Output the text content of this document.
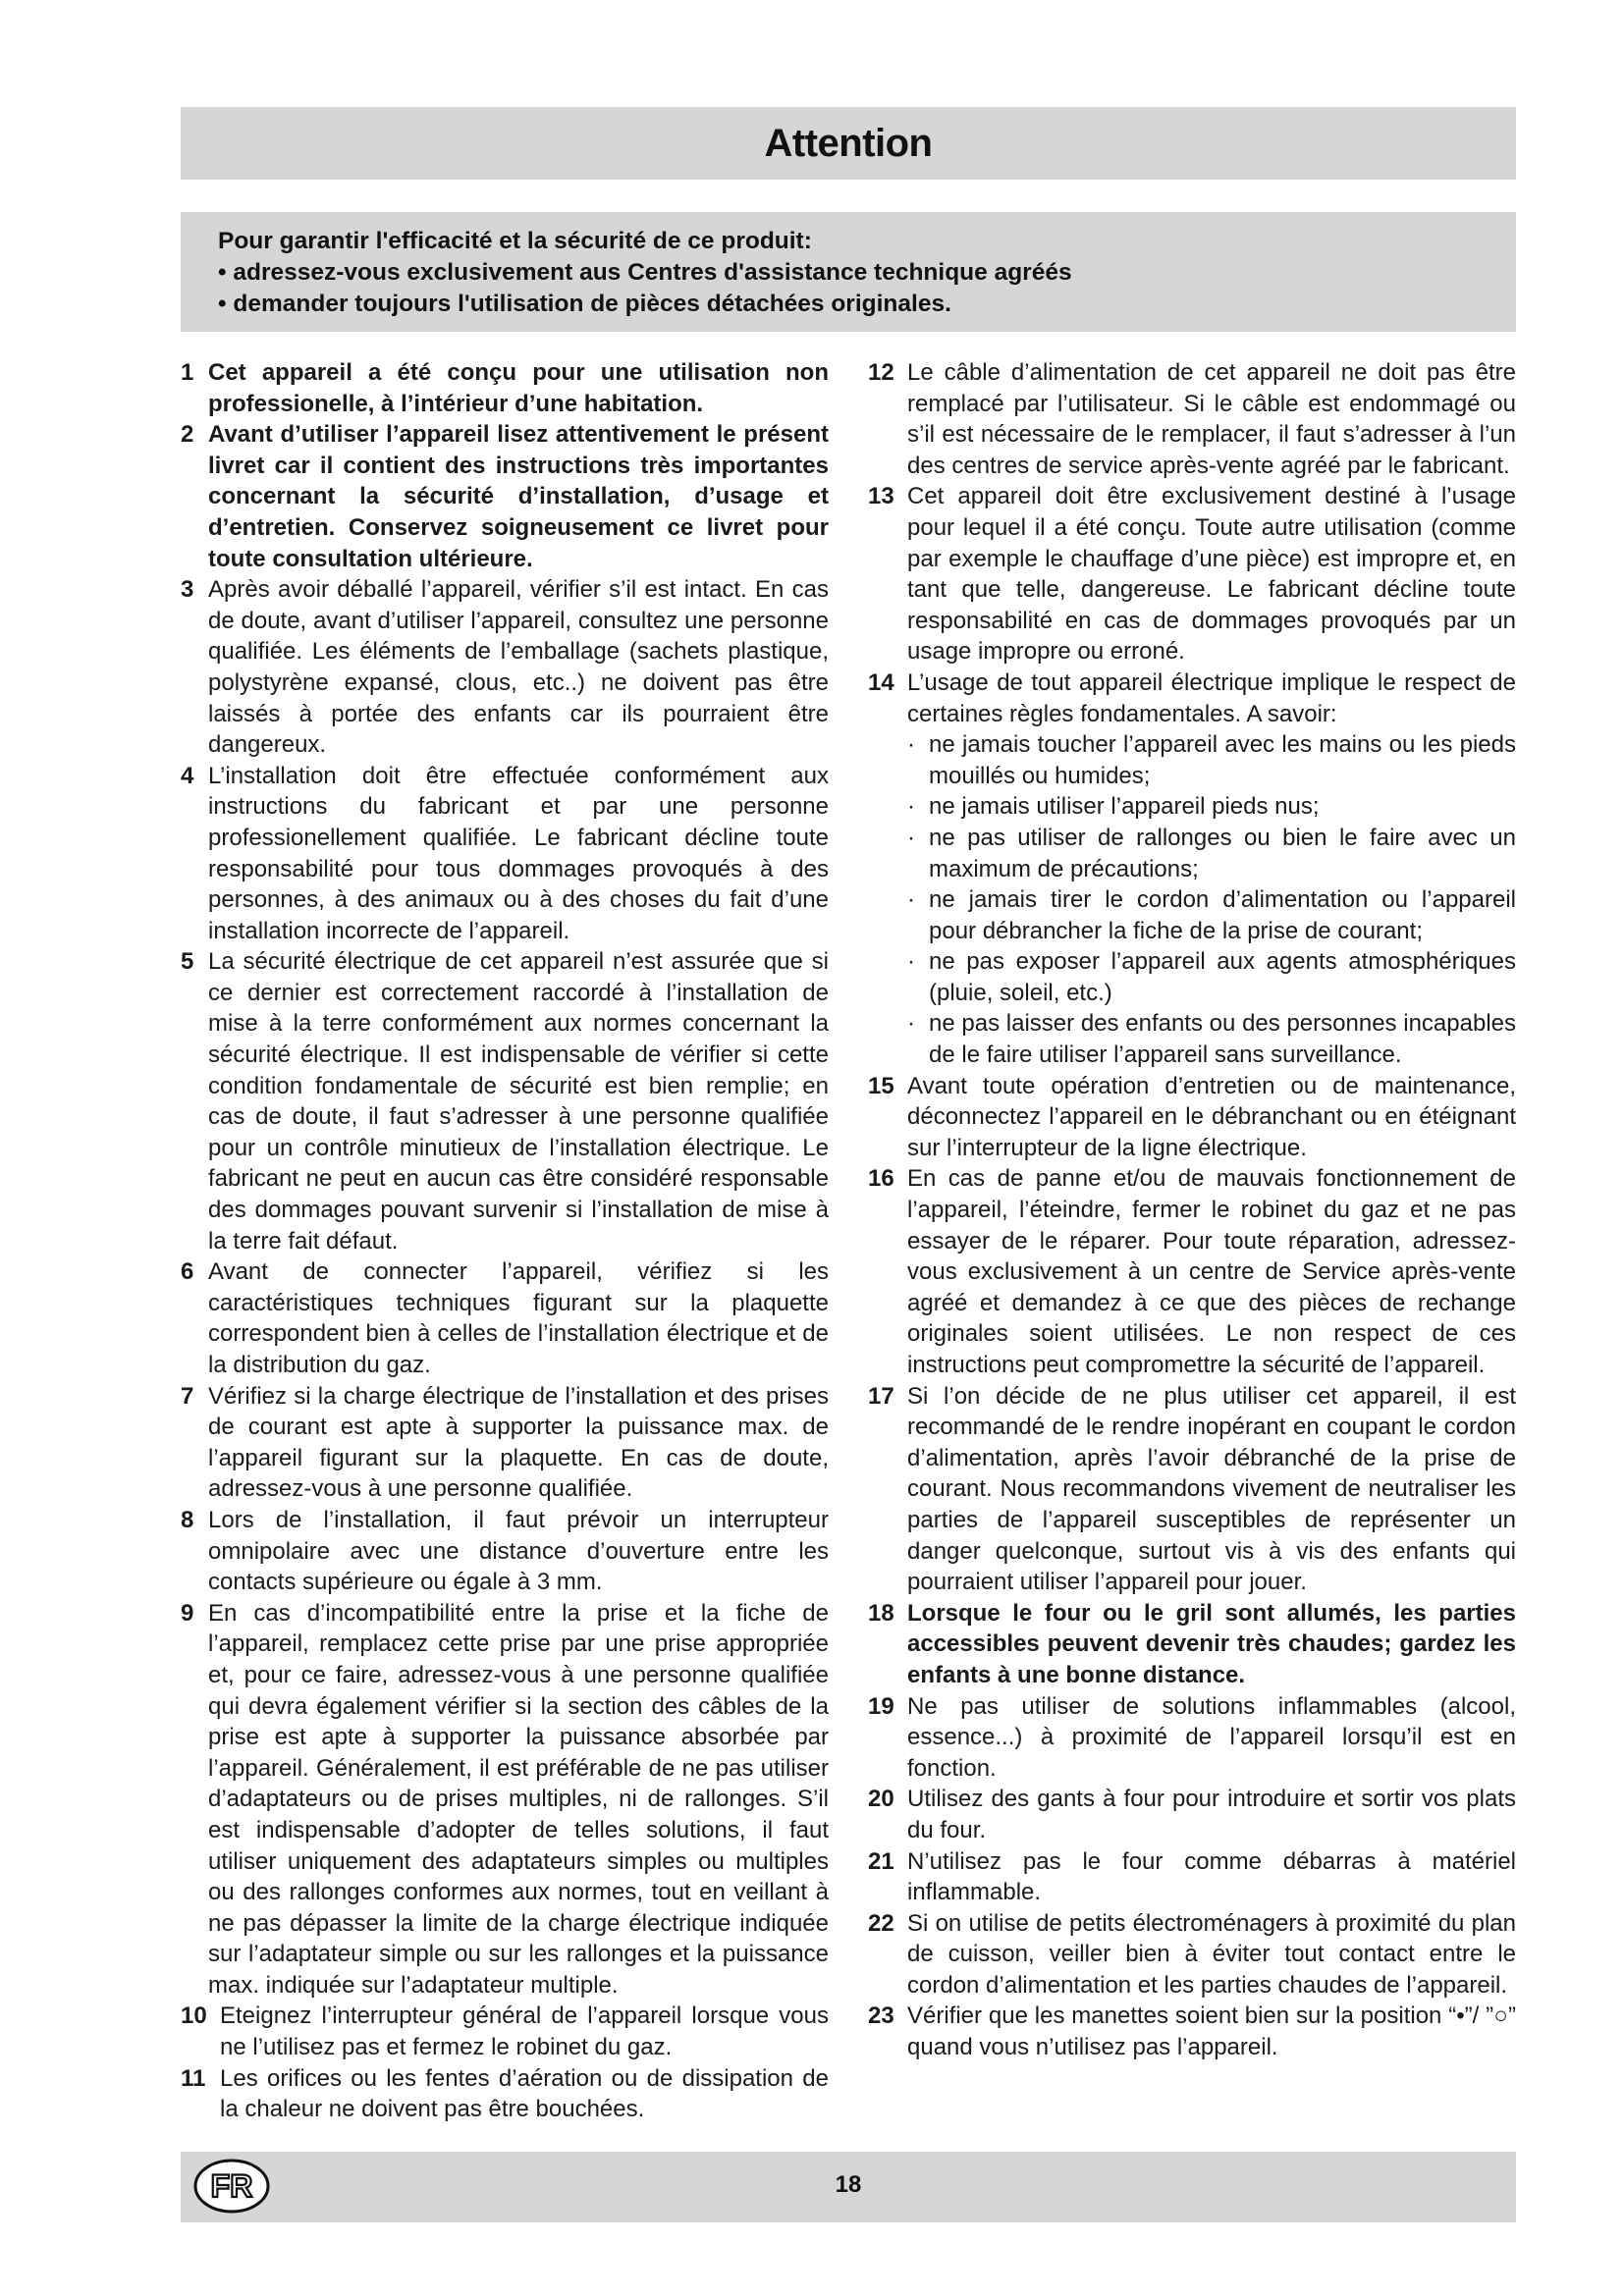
Attention

Pour garantir l'efficacité et la sécurité de ce produit:

• adressez-vous exclusivement aus Centres d'assistance technique agréés

• demander toujours l'utilisation de pièces détachées originales.

1 Cet appareil a été conçu pour une utilisation non professionelle, à l’intérieur d’une habitation.
2 Avant d’utiliser l’appareil lisez attentivement le présent livret car il contient des instructions très importantes concernant la sécurité d’installation, d’usage et d’entretien. Conservez soigneusement ce livret pour toute consultation ultérieure.
3 Après avoir déballé l’appareil, vérifier s’il est intact. En cas de doute, avant d’utiliser l’appareil, consultez une personne qualifiée. Les éléments de l’emballage (sachets plastique, polystyrène expansé, clous, etc..) ne doivent pas être laissés à portée des enfants car ils pourraient être dangereux.
4 L’installation doit être effectuée conformément aux instructions du fabricant et par une personne professionellement qualifiée. Le fabricant décline toute responsabilité pour tous dommages provoqués à des personnes, à des animaux ou à des choses du fait d’une installation incorrecte de l’appareil.
5 La sécurité électrique de cet appareil n’est assurée que si ce dernier est correctement raccordé à l’installation de mise à la terre conformément aux normes concernant la sécurité électrique. Il est indispensable de vérifier si cette condition fondamentale de sécurité est bien remplie; en cas de doute, il faut s’adresser à une personne qualifiée pour un contrôle minutieux de l’installation électrique. Le fabricant ne peut en aucun cas être considéré responsable des dommages pouvant survenir si l’installation de mise à la terre fait défaut.
6 Avant de connecter l’appareil, vérifiez si les caractéristiques techniques figurant sur la plaquette correspondent bien à celles de l’installation électrique et de la distribution du gaz.
7 Vérifiez si la charge électrique de l’installation et des prises de courant est apte à supporter la puissance max. de l’appareil figurant sur la plaquette. En cas de doute, adressez-vous à une personne qualifiée.
8 Lors de l’installation, il faut prévoir un interrupteur omnipolaire avec une distance d’ouverture entre les contacts supérieure ou égale à 3 mm.
9 En cas d’incompatibilité entre la prise et la fiche de l’appareil, remplacez cette prise par une prise appropriée et, pour ce faire, adressez-vous à une personne qualifiée qui devra également vérifier si la section des câbles de la prise est apte à supporter la puissance absorbée par l’appareil. Généralement, il est préférable de ne pas utiliser d’adaptateurs ou de prises multiples, ni de rallonges. S’il est indispensable d’adopter de telles solutions, il faut utiliser uniquement des adaptateurs simples ou multiples ou des rallonges conformes aux normes, tout en veillant à ne pas dépasser la limite de la charge électrique indiquée sur l’adaptateur simple ou sur les rallonges et la puissance max. indiquée sur l’adaptateur multiple.
10 Eteignez l’interrupteur général de l’appareil lorsque vous ne l’utilisez pas et fermez le robinet du gaz.
11 Les orifices ou les fentes d’aération ou de dissipation de la chaleur ne doivent pas être bouchées.
12 Le câble d’alimentation de cet appareil ne doit pas être remplacé par l’utilisateur. Si le câble est endommagé ou s’il est nécessaire de le remplacer, il faut s’adresser à l’un des centres de service après-vente agréé par le fabricant.
13 Cet appareil doit être exclusivement destiné à l’usage pour lequel il a été conçu. Toute autre utilisation (comme par exemple le chauffage d’une pièce) est impropre et, en tant que telle, dangereuse. Le fabricant décline toute responsabilité en cas de dommages provoqués par un usage impropre ou erroné.
14 L’usage de tout appareil électrique implique le respect de certaines règles fondamentales. A savoir:
· ne jamais toucher l’appareil avec les mains ou les pieds mouillés ou humides;
· ne jamais utiliser l’appareil pieds nus;
· ne pas utiliser de rallonges ou bien le faire avec un maximum de précautions;
· ne jamais tirer le cordon d’alimentation ou l’appareil pour débrancher la fiche de la prise de courant;
· ne pas exposer l’appareil aux agents atmosphériques (pluie, soleil, etc.)
· ne pas laisser des enfants ou des personnes incapables de le faire utiliser l’appareil sans surveillance.
15 Avant toute opération d’entretien ou de maintenance, déconnectez l’appareil en le débranchant ou en étéignant sur l’interrupteur de la ligne électrique.
16 En cas de panne et/ou de mauvais fonctionnement de l’appareil, l’éteindre, fermer le robinet du gaz et ne pas essayer de le réparer. Pour toute réparation, adressez-vous exclusivement à un centre de Service après-vente agréé et demandez à ce que des pièces de rechange originales soient utilisées. Le non respect de ces instructions peut compromettre la sécurité de l’appareil.
17 Si l’on décide de ne plus utiliser cet appareil, il est recommandé de le rendre inopérant en coupant le cordon d’alimentation, après l’avoir débranché de la prise de courant. Nous recommandons vivement de neutraliser les parties de l’appareil susceptibles de représenter un danger quelconque, surtout vis à vis des enfants qui pourraient utiliser l’appareil pour jouer.
18 Lorsque le four ou le gril sont allumés, les parties accessibles peuvent devenir très chaudes; gardez les enfants à une bonne distance.
19 Ne pas utiliser de solutions inflammables (alcool, essence...) à proximité de l’appareil lorsqu’il est en fonction.
20 Utilisez des gants à four pour introduire et sortir vos plats du four.
21 N’utilisez pas le four comme débarras à matériel inflammable.
22 Si on utilise de petits électroménagers à proximité du plan de cuisson, veiller bien à éviter tout contact entre le cordon d’alimentation et les parties chaudes de l’appareil.
23 Vérifier que les manettes soient bien sur la position “•”/ ”○” quand vous n’utilisez pas l’appareil.
FR	18
